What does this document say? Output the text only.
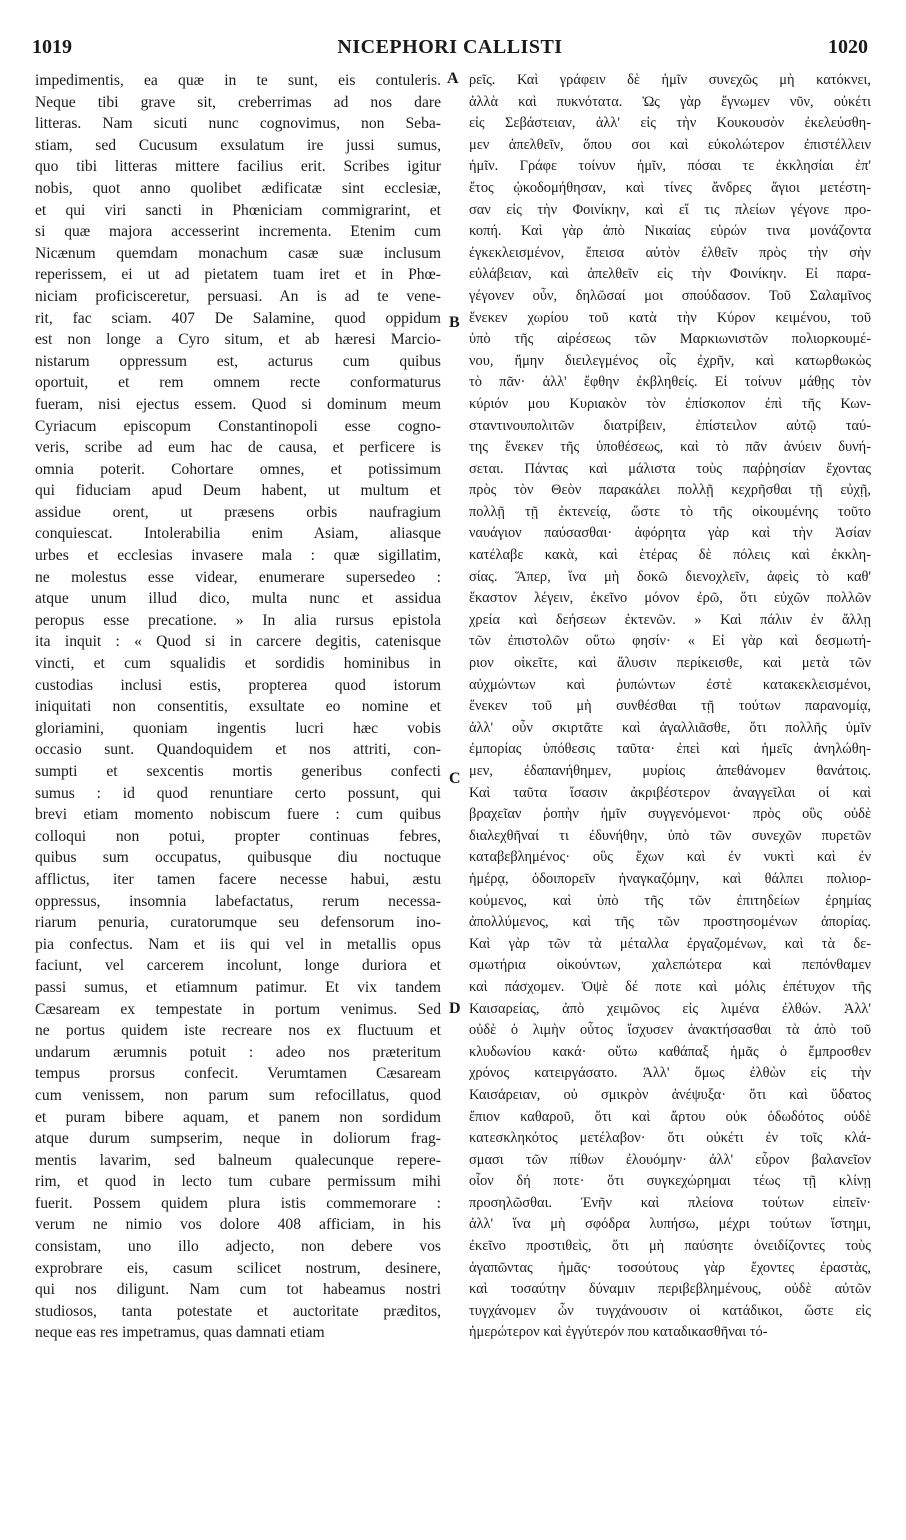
1019	NICEPHORI CALLISTI	1020
impedimentis, ea quæ in te sunt, eis contuleris.
Neque tibi grave sit, creberrimas ad nos dare
litteras. Nam sicuti nunc cognovimus, non Seba-
stiam, sed Cucusum exsulatum ire jussi sumus,
quo tibi litteras mittere facilius erit. Scribes igitur
nobis, quot anno quolibet ædificatæ sint ecclesiæ,
et qui viri sancti in Phœniciam commigrarint, et
si quæ majora accesserint incrementa. Etenim cum
Nicænum quemdam monachum casæ suæ inclusum
reperissem, ei ut ad pietatem tuam iret et in Phœ-
niciam proficisceretur, persuasi. An is ad te vene-
rit, fac sciam. 407 De Salamine, quod oppidum
est non longe a Cyro situm, et ab hæresi Marcio-
nistarum oppressum est, acturus cum quibus
oportuit, et rem omnem recte conformaturus
fueram, nisi ejectus essem. Quod si dominum meum
Cyriacum episcopum Constantinopoli esse cogno-
veris, scribe ad eum hac de causa, et perficere is
omnia poterit. Cohortare omnes, et potissimum
qui fiduciam apud Deum habent, ut multum et
assidue orent, ut præsens orbis naufragium
conquiescat. Intolerabilia enim Asiam, aliasque
urbes et ecclesias invasere mala : quæ sigillatim,
ne molestus esse videar, enumerare supersedeo :
atque unum illud dico, multa nunc et assidua
peropus esse precatione. » In alia rursus epistola
ita inquit : « Quod si in carcere degitis, catenisque
vincti, et cum squalidis et sordidis hominibus in
custodias inclusi estis, propterea quod istorum
iniquitati non consentitis, exsultate eo nomine et
gloriamini, quoniam ingentis lucri hæc vobis
occasio sunt. Quandoquidem et nos attriti, con-
sumpti et sexcentis mortis generibus confecti
sumus : id quod renuntiare certo possunt, qui
brevi etiam momento nobiscum fuere : cum quibus
colloqui non potui, propter continuas febres,
quibus sum occupatus, quibusque diu noctuque
afflictus, iter tamen facere necesse habui, æstu
oppressus, insomnia labefactatus, rerum necessa-
riarum penuria, curatorumque seu defensorum ino-
pia confectus. Nam et iis qui vel in metallis opus
faciunt, vel carcerem incolunt, longe duriora et
passi sumus, et etiamnum patimur. Et vix tandem
Cæsaream ex tempestate in portum venimus. Sed
ne portus quidem iste recreare nos ex fluctuum et
undarum ærumnis potuit : adeo nos præteritum
tempus prorsus confecit. Verumtamen Cæsaream
cum venissem, non parum sum refocillatus, quod
et puram bibere aquam, et panem non sordidum
atque durum sumpserim, neque in doliorum frag-
mentis lavarim, sed balneum qualecunque repere-
rim, et quod in lecto tum cubare permissum mihi
fuerit. Possem quidem plura istis commemorare :
verum ne nimio vos dolore 408 afficiam, in his
consistam, uno illo adjecto, non debere vos
exprobrare eis, casum scilicet nostrum, desinere,
qui nos diligunt. Nam cum tot habeamus nostri
studiosos, tanta potestate et auctoritate præditos,
neque eas res impetramus, quas damnati etiam
ρεῖς. Καὶ γράφειν δὲ ἡμῖν συνεχῶς μὴ κατόκνει,
ἀλλὰ καὶ πυκνότατα. Ὡς γὰρ ἔγνωμεν νῦν, οὐκέτι
εἰς Σεβάστειαν, ἀλλ' εἰς τὴν Κουκουσὸν ἐκελεύσθη-
μεν ἀπελθεῖν, ὅπου σοι καὶ εὐκολώτερον ἐπιστέλλειν
ἡμῖν. Γράφε τοίνυν ἡμῖν, πόσαι τε ἐκκλησίαι ἐπ'
ἔτος ᾠκοδομήθησαν, καὶ τίνες ἄνδρες ἅγιοι μετέστη-
σαν εἰς τὴν Φοινίκην, καὶ εἴ τις πλείων γέγονε προ-
κοπή. Καὶ γὰρ ἀπὸ Νικαίας εὑρών τινα μονάζοντα
ἐγκεκλεισμένον, ἔπεισα αὐτὸν ἐλθεῖν πρὸς τὴν σὴν
εὐλάβειαν, καὶ ἀπελθεῖν εἰς τὴν Φοινίκην. Εἰ παρα-
γέγονεν οὖν, δηλῶσαί μοι σπούδασον. Τοῦ Σαλαμῖνος
ἕνεκεν χωρίου τοῦ κατὰ τὴν Κύρον κειμένου, τοῦ
ὑπὸ τῆς αἱρέσεως τῶν Μαρκιωνιστῶν πολιορκουμέ-
νου, ἤμην διειλεγμένος οἷς ἐχρῆν, καὶ κατωρθωκὼς
τὸ πᾶν· ἀλλ' ἔφθην ἐκβληθείς. Εἰ τοίνυν μάθῃς τὸν
κύριόν μου Κυριακὸν τὸν ἐπίσκοπον ἐπὶ τῆς Κων-
σταντινουπολιτῶν διατρίβειν, ἐπίστειλον αὐτῷ ταύ-
της ἕνεκεν τῆς ὑποθέσεως, καὶ τὸ πᾶν ἀνύειν δυνή-
σεται. Πάντας καὶ μάλιστα τοὺς παῤῥησίαν ἔχοντας
πρὸς τὸν Θεὸν παρακάλει πολλῇ κεχρῆσθαι τῇ εὐχῇ,
πολλῇ τῇ ἐκτενείᾳ, ὥστε τὸ τῆς οἰκουμένης τοῦτο
ναυάγιον παύσασθαι· ἀφόρητα γὰρ καὶ τὴν Ἀσίαν
κατέλαβε κακὰ, καὶ ἑτέρας δὲ πόλεις καὶ ἐκκλη-
σίας. Ἅπερ, ἵνα μὴ δοκῶ διενοχλεῖν, ἀφεὶς τὸ καθ'
ἕκαστον λέγειν, ἐκεῖνο μόνον ἐρῶ, ὅτι εὐχῶν πολλῶν
χρεία καὶ δεήσεων ἐκτενῶν. » Καὶ πάλιν ἐν ἄλλῃ
τῶν ἐπιστολῶν οὕτω φησίν· « Εἰ γὰρ καὶ δεσμωτή-
ριον οἰκεῖτε, καὶ ἅλυσιν περίκεισθε, καὶ μετὰ τῶν
αὐχμώντων καὶ ῥυπώντων ἐστὲ κατακεκλεισμένοι,
ἕνεκεν τοῦ μὴ συνθέσθαι τῇ τούτων παρανομίᾳ,
ἀλλ' οὖν σκιρτᾶτε καὶ ἀγαλλιᾶσθε, ὅτι πολλῆς ὑμῖν
ἐμπορίας ὑπόθεσις ταῦτα· ἐπεὶ καὶ ἡμεῖς ἀνηλώθη-
μεν, ἐδαπανήθημεν, μυρίοις ἀπεθάνομεν θανάτοις.
Καὶ ταῦτα ἴσασιν ἀκριβέστερον ἀναγγεῖλαι οἱ καὶ
βραχεῖαν ῥοπὴν ἡμῖν συγγενόμενοι· πρὸς οὓς οὐδὲ
διαλεχθῆναί τι ἐδυνήθην, ὑπὸ τῶν συνεχῶν πυρετῶν
καταβεβλημένος· οὓς ἔχων καὶ ἐν νυκτὶ καὶ ἐν
ἡμέρᾳ, ὁδοιπορεῖν ἠναγκαζόμην, καὶ θάλπει πολιορ-
κούμενος, καὶ ὑπὸ τῆς τῶν ἐπιτηδείων ἐρημίας
ἀπολλύμενος, καὶ τῆς τῶν προστησομένων ἀπορίας.
Καὶ γὰρ τῶν τὰ μέταλλα ἐργαζομένων, καὶ τὰ δε-
σμωτήρια οἰκούντων, χαλεπώτερα καὶ πεπόνθαμεν
καὶ πάσχομεν. Ὀψὲ δέ ποτε καὶ μόλις ἐπέτυχον τῆς
Καισαρείας, ἀπὸ χειμῶνος εἰς λιμένα ἐλθών. Ἀλλ'
οὐδὲ ὁ λιμὴν οὗτος ἴσχυσεν ἀνακτήσασθαι τὰ ἀπὸ τοῦ
κλυδωνίου κακά· οὕτω καθάπαξ ἡμᾶς ὁ ἔμπροσθεν
χρόνος κατειργάσατο. Ἀλλ' ὅμως ἐλθὼν εἰς τὴν
Καισάρειαν, οὐ σμικρὸν ἀνέψυξα· ὅτι καὶ ὕδατος
ἔπιον καθαροῦ, ὅτι καὶ ἄρτου οὐκ ὀδωδότος οὐδὲ
κατεσκληκότος μετέλαβον· ὅτι οὐκέτι ἐν τοῖς κλά-
σμασι τῶν πίθων ἐλουόμην· ἀλλ' εὗρον βαλανεῖον
οἷον δή ποτε· ὅτι συγκεχώρημαι τέως τῇ κλίνῃ
προσηλῶσθαι. Ἐνῆν καὶ πλείονα τούτων εἰπεῖν·
ἀλλ' ἵνα μὴ σφόδρα λυπήσω, μέχρι τούτων ἵστημι,
ἐκεῖνο προστιθεὶς, ὅτι μὴ παύσητε ὀνειδίζοντες τοὺς
ἀγαπῶντας ἡμᾶς· τοσούτους γὰρ ἔχοντες ἐραστὰς,
καὶ τοσαύτην δύναμιν περιβεβλημένους, οὐδὲ αὐτῶν
τυγχάνομεν ὧν τυγχάνουσιν οἱ κατάδικοι, ὥστε εἰς
ἡμερώτερον καὶ ἐγγύτερόν που καταδικασθῆναι τό-
A
B
C
D
